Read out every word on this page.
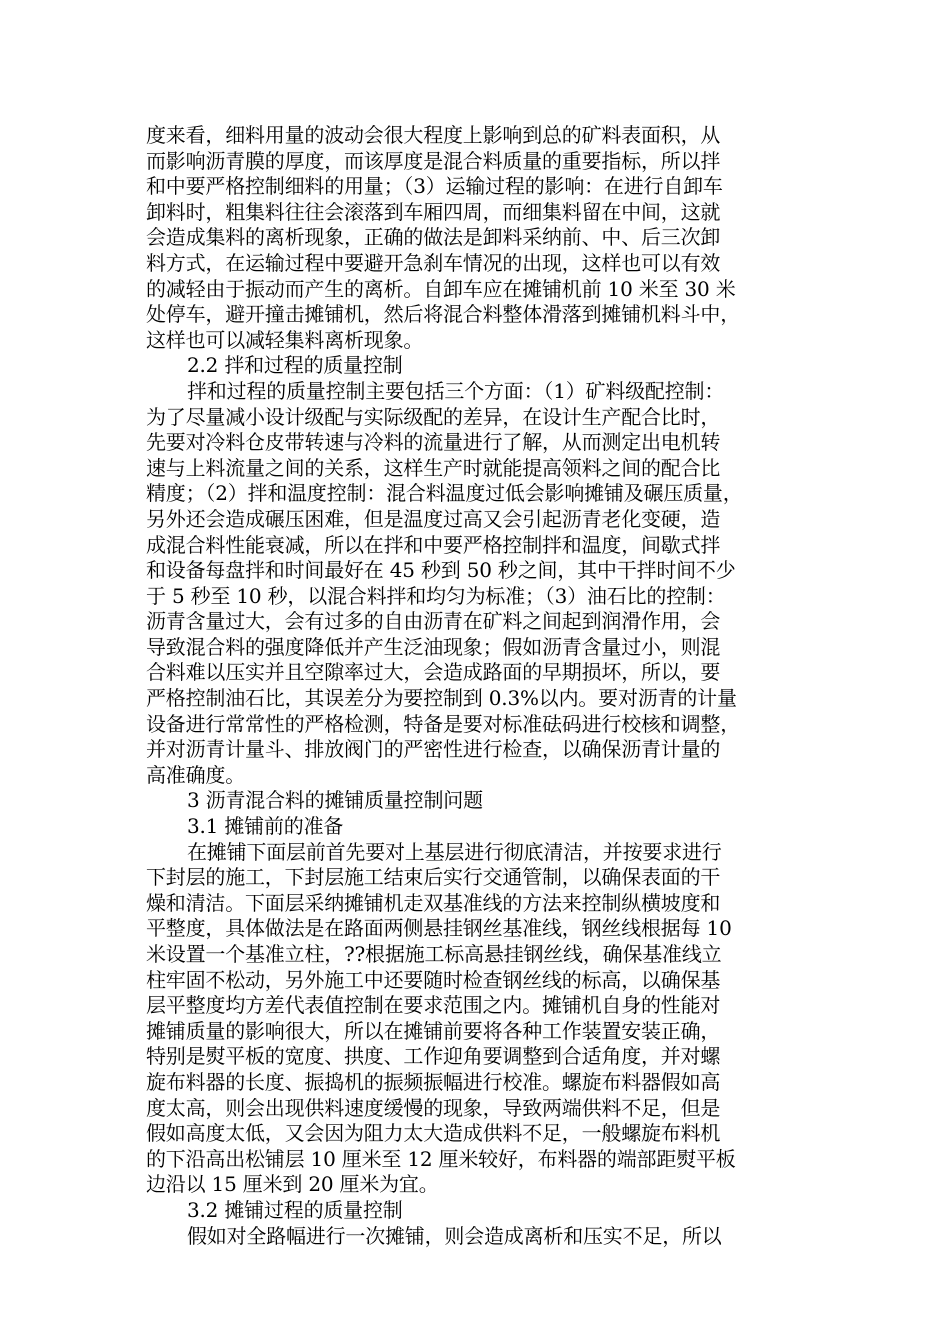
度来看，细料用量的波动会很大程度上影响到总的矿料表面积，从
而影响沥青膜的厚度，而该厚度是混合料质量的重要指标，所以拌
和中要严格控制细料的用量；（3）运输过程的影响：在进行自卸车
卸料时，粗集料往往会滚落到车厢四周，而细集料留在中间，这就
会造成集料的离析现象，正确的做法是卸料采纳前、中、后三次卸
料方式，在运输过程中要避开急刹车情况的出现，这样也可以有效
的减轻由于振动而产生的离析。自卸车应在摊铺机前 10 米至 30 米
处停车，避开撞击摊铺机，然后将混合料整体滑落到摊铺机料斗中，
这样也可以减轻集料离析现象。
2.2 拌和过程的质量控制
拌和过程的质量控制主要包括三个方面：（1）矿料级配控制：
为了尽量减小设计级配与实际级配的差异，在设计生产配合比时，
先要对冷料仓皮带转速与冷料的流量进行了解，从而测定出电机转
速与上料流量之间的关系，这样生产时就能提高领料之间的配合比
精度；（2）拌和温度控制：混合料温度过低会影响摊铺及碾压质量，
另外还会造成碾压困难，但是温度过高又会引起沥青老化变硬，造
成混合料性能衰减，所以在拌和中要严格控制拌和温度，间歇式拌
和设备每盘拌和时间最好在 45 秒到 50 秒之间，其中干拌时间不少
于 5 秒至 10 秒，以混合料拌和均匀为标准；（3）油石比的控制：
沥青含量过大，会有过多的自由沥青在矿料之间起到润滑作用，会
导致混合料的强度降低并产生泛油现象；假如沥青含量过小，则混
合料难以压实并且空隙率过大，会造成路面的早期损坏，所以，要
严格控制油石比，其误差分为要控制到 0.3%以内。要对沥青的计量
设备进行常常性的严格检测，特备是要对标准砝码进行校核和调整，
并对沥青计量斗、排放阀门的严密性进行检查，以确保沥青计量的
高准确度。
3 沥青混合料的摊铺质量控制问题
3.1 摊铺前的准备
在摊铺下面层前首先要对上基层进行彻底清洁，并按要求进行
下封层的施工，下封层施工结束后实行交通管制，以确保表面的干
燥和清洁。下面层采纳摊铺机走双基准线的方法来控制纵横坡度和
平整度，具体做法是在路面两侧悬挂钢丝基准线，钢丝线根据每 10
米设置一个基准立柱，??根据施工标高悬挂钢丝线，确保基准线立
柱牢固不松动，另外施工中还要随时检查钢丝线的标高，以确保基
层平整度均方差代表值控制在要求范围之内。摊铺机自身的性能对
摊铺质量的影响很大，所以在摊铺前要将各种工作装置安装正确，
特别是熨平板的宽度、拱度、工作迎角要调整到合适角度，并对螺
旋布料器的长度、振捣机的振频振幅进行校准。螺旋布料器假如高
度太高，则会出现供料速度缓慢的现象，导致两端供料不足，但是
假如高度太低，又会因为阻力太大造成供料不足，一般螺旋布料机
的下沿高出松铺层 10 厘米至 12 厘米较好，布料器的端部距熨平板
边沿以 15 厘米到 20 厘米为宜。
3.2 摊铺过程的质量控制
假如对全路幅进行一次摊铺，则会造成离析和压实不足，所以
